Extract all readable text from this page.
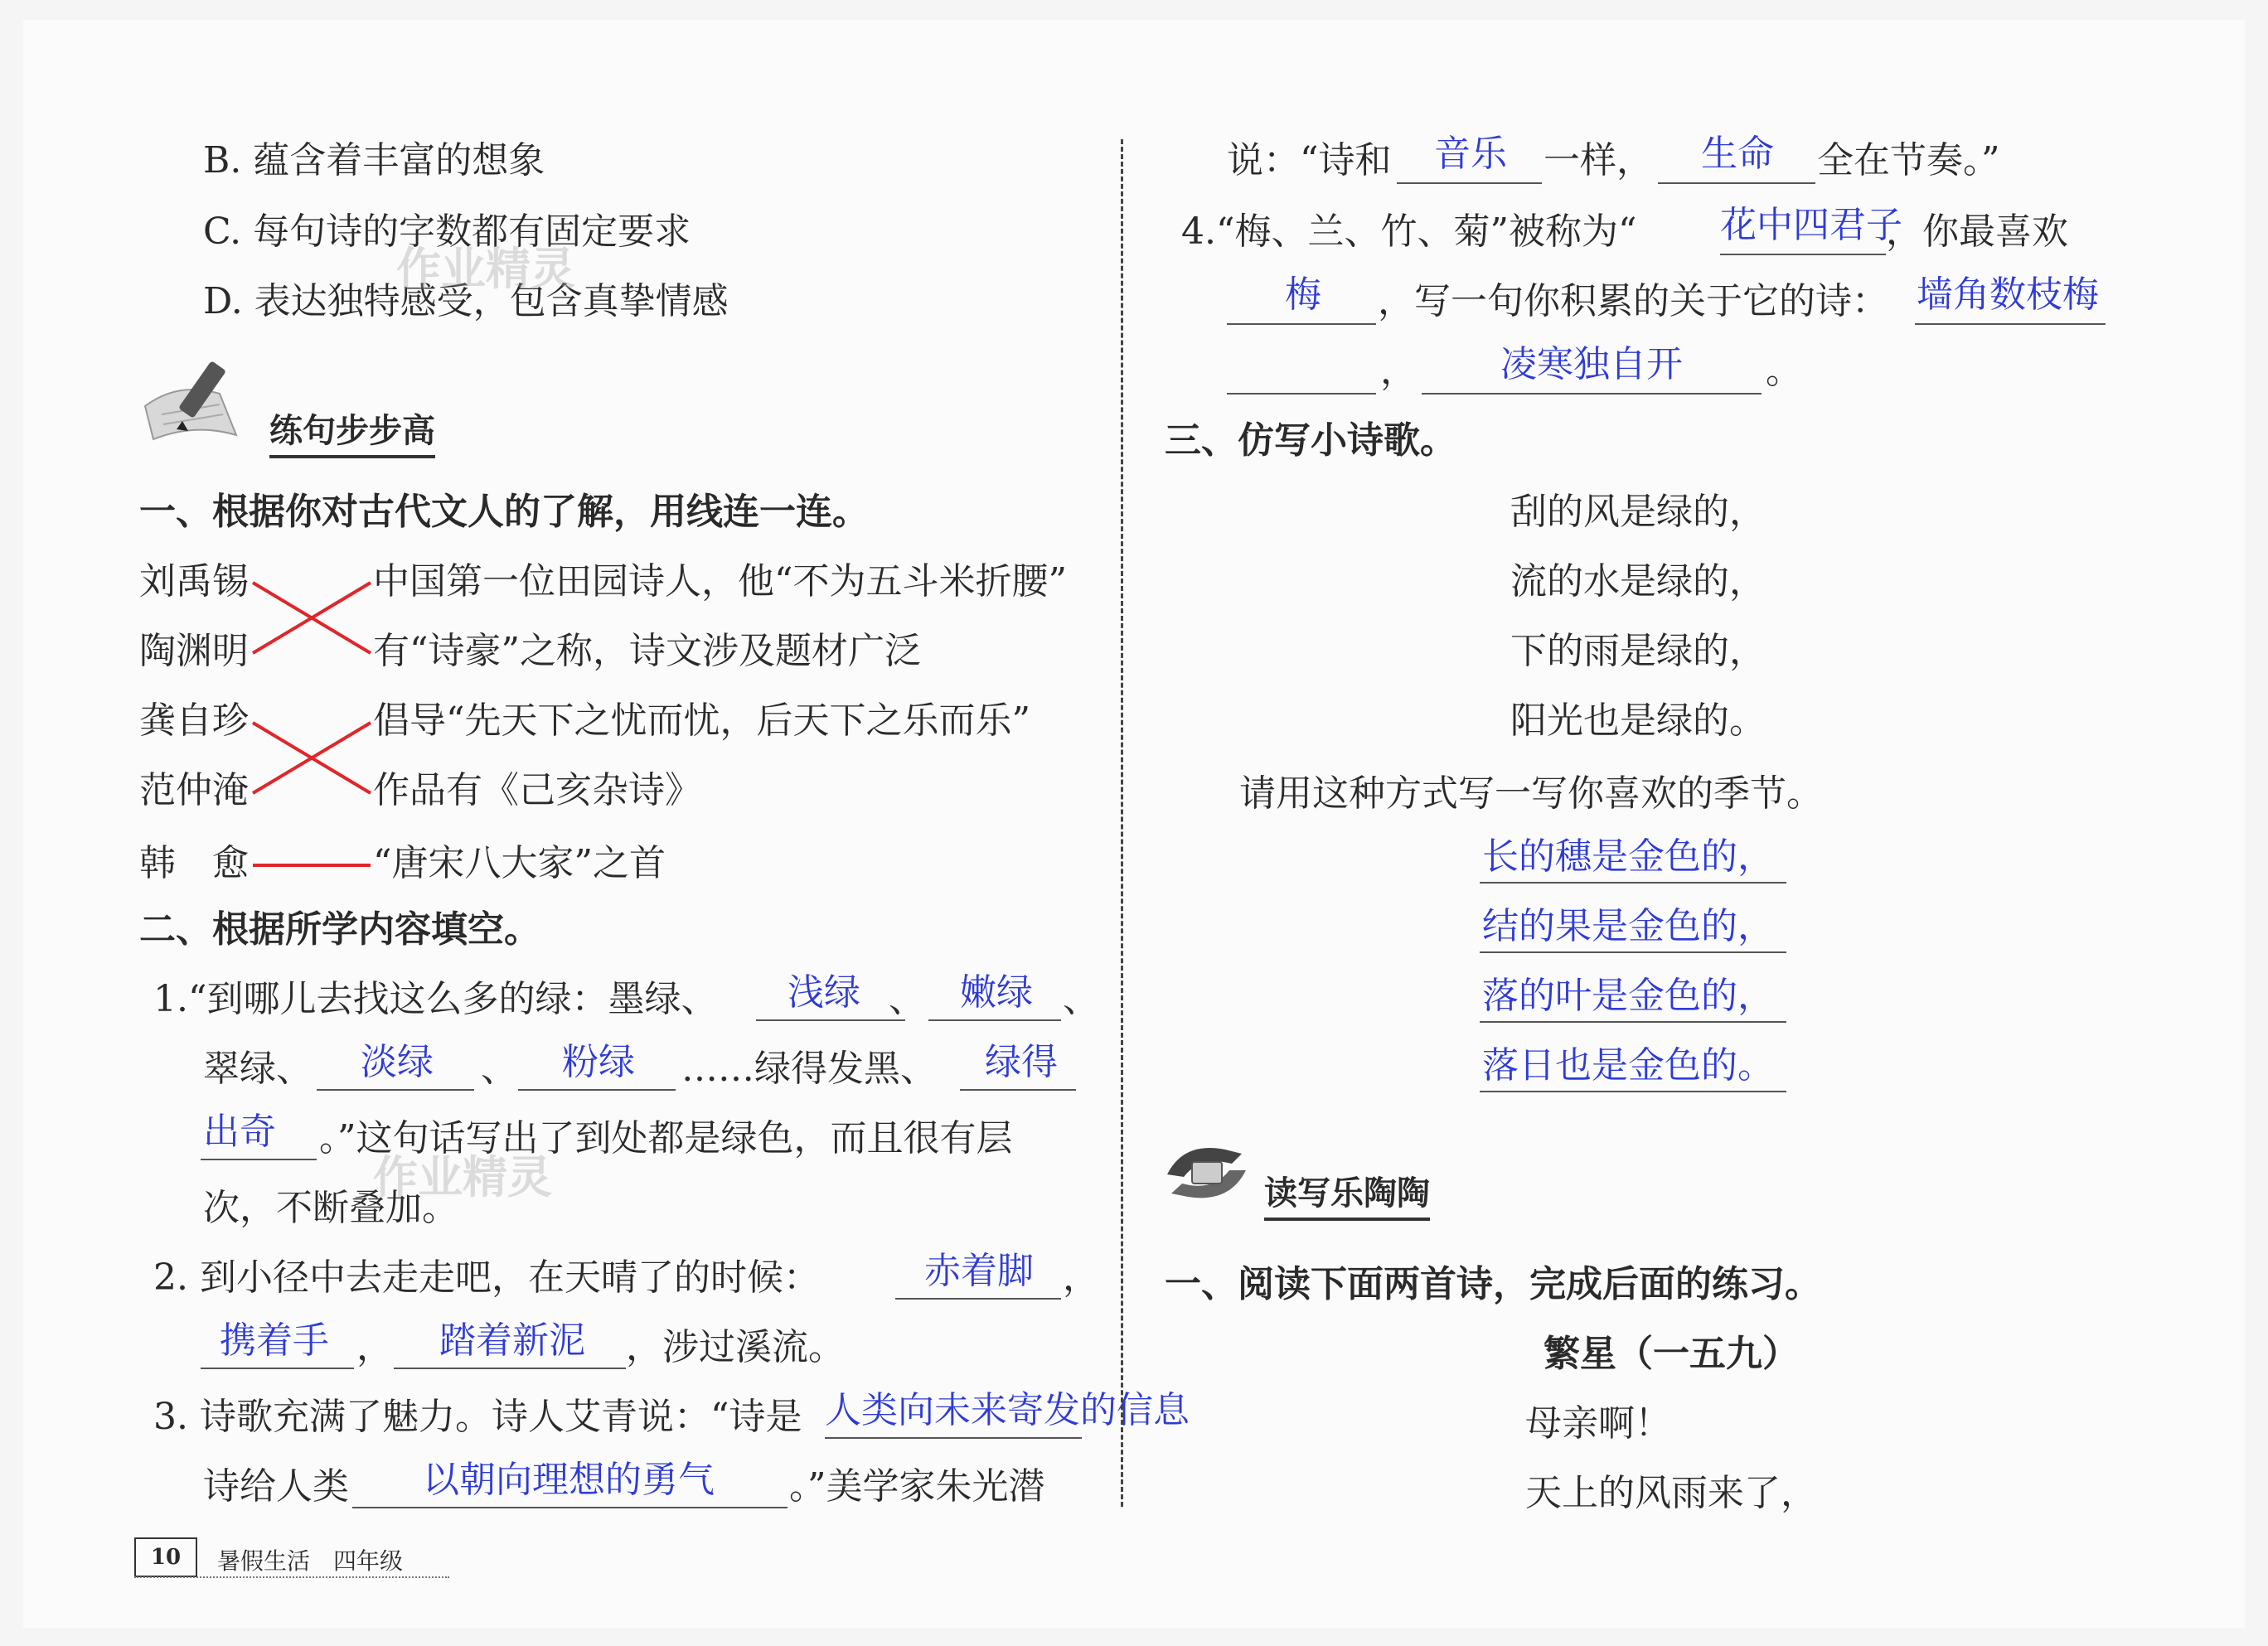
B. 蕴含着丰富的想象
C. 每句诗的字数都有固定要求
D. 表达独特感受，包含真挚情感
练句步步高
一、根据你对古代文人的了解，用线连一连。
刘禹锡
陶渊明
龚自珍
范仲淹
韩　愈
中国第一位田园诗人，他“不为五斗米折腰”
有“诗豪”之称，诗文涉及题材广泛
倡导“先天下之忧而忧，后天下之乐而乐”
作品有《己亥杂诗》
“唐宋八大家”之首
二、根据所学内容填空。
1.“到哪儿去找这么多的绿：墨绿、 浅绿 、 嫩绿 、
翠绿、 淡绿 、 粉绿 ……绿得发黑、 绿得
出奇 。”这句话写出了到处都是绿色，而且很有层
次，不断叠加。
2. 到小径中去走走吧，在天晴了的时候：	赤着脚 ，
携着手 ， 踏着新泥 ，涉过溪流。
3. 诗歌充满了魅力。诗人艾青说：“诗是 人类向未来寄发的信息
诗给人类 以朝向理想的勇气 。”美学家朱光潜
说：“诗和 音乐 一样， 生命 全在节奏。”
4.“梅、兰、竹、菊”被称为“ 花中四君子
，你最喜欢
梅 ，写一句你积累的关于它的诗： 墙角数枝梅
， 凌寒独自开 。
三、仿写小诗歌。
刮的风是绿的，
流的水是绿的，
下的雨是绿的，
阳光也是绿的。
请用这种方式写一写你喜欢的季节。
长的穗是金色的，
结的果是金色的，
落的叶是金色的，
落日也是金色的。
读写乐陶陶
一、阅读下面两首诗，完成后面的练习。
繁星（一五九）
母亲啊！
天上的风雨来了，
作业精灵
作业精灵
10	暑假生活　四年级
